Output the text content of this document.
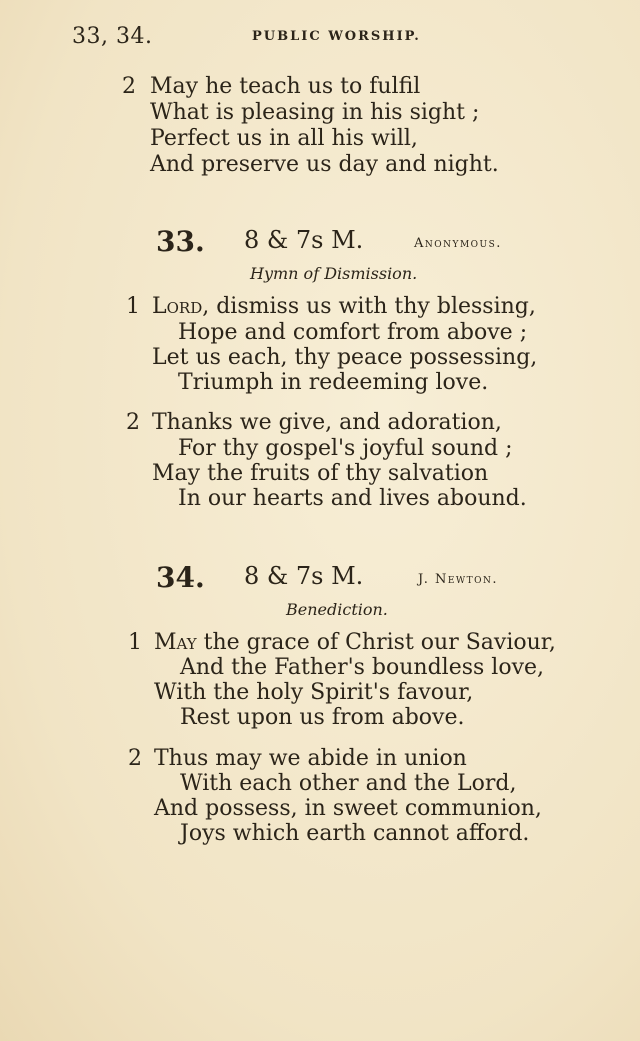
33, 34.	PUBLIC WORSHIP.
2 May he teach us to fulfil
What is pleasing in his sight ;
Perfect us in all his will,
And preserve us day and night.
33. 8 & 7s M.	Anonymous.
Hymn of Dismission.
1 Lord, dismiss us with thy blessing,
Hope and comfort from above ;
Let us each, thy peace possessing,
Triumph in redeeming love.
2 Thanks we give, and adoration,
For thy gospel's joyful sound ;
May the fruits of thy salvation
In our hearts and lives abound.
34. 8 & 7s M.	J. Newton.
Benediction.
1 May the grace of Christ our Saviour,
And the Father's boundless love,
With the holy Spirit's favour,
Rest upon us from above.
2 Thus may we abide in union
With each other and the Lord,
And possess, in sweet communion,
Joys which earth cannot afford.
